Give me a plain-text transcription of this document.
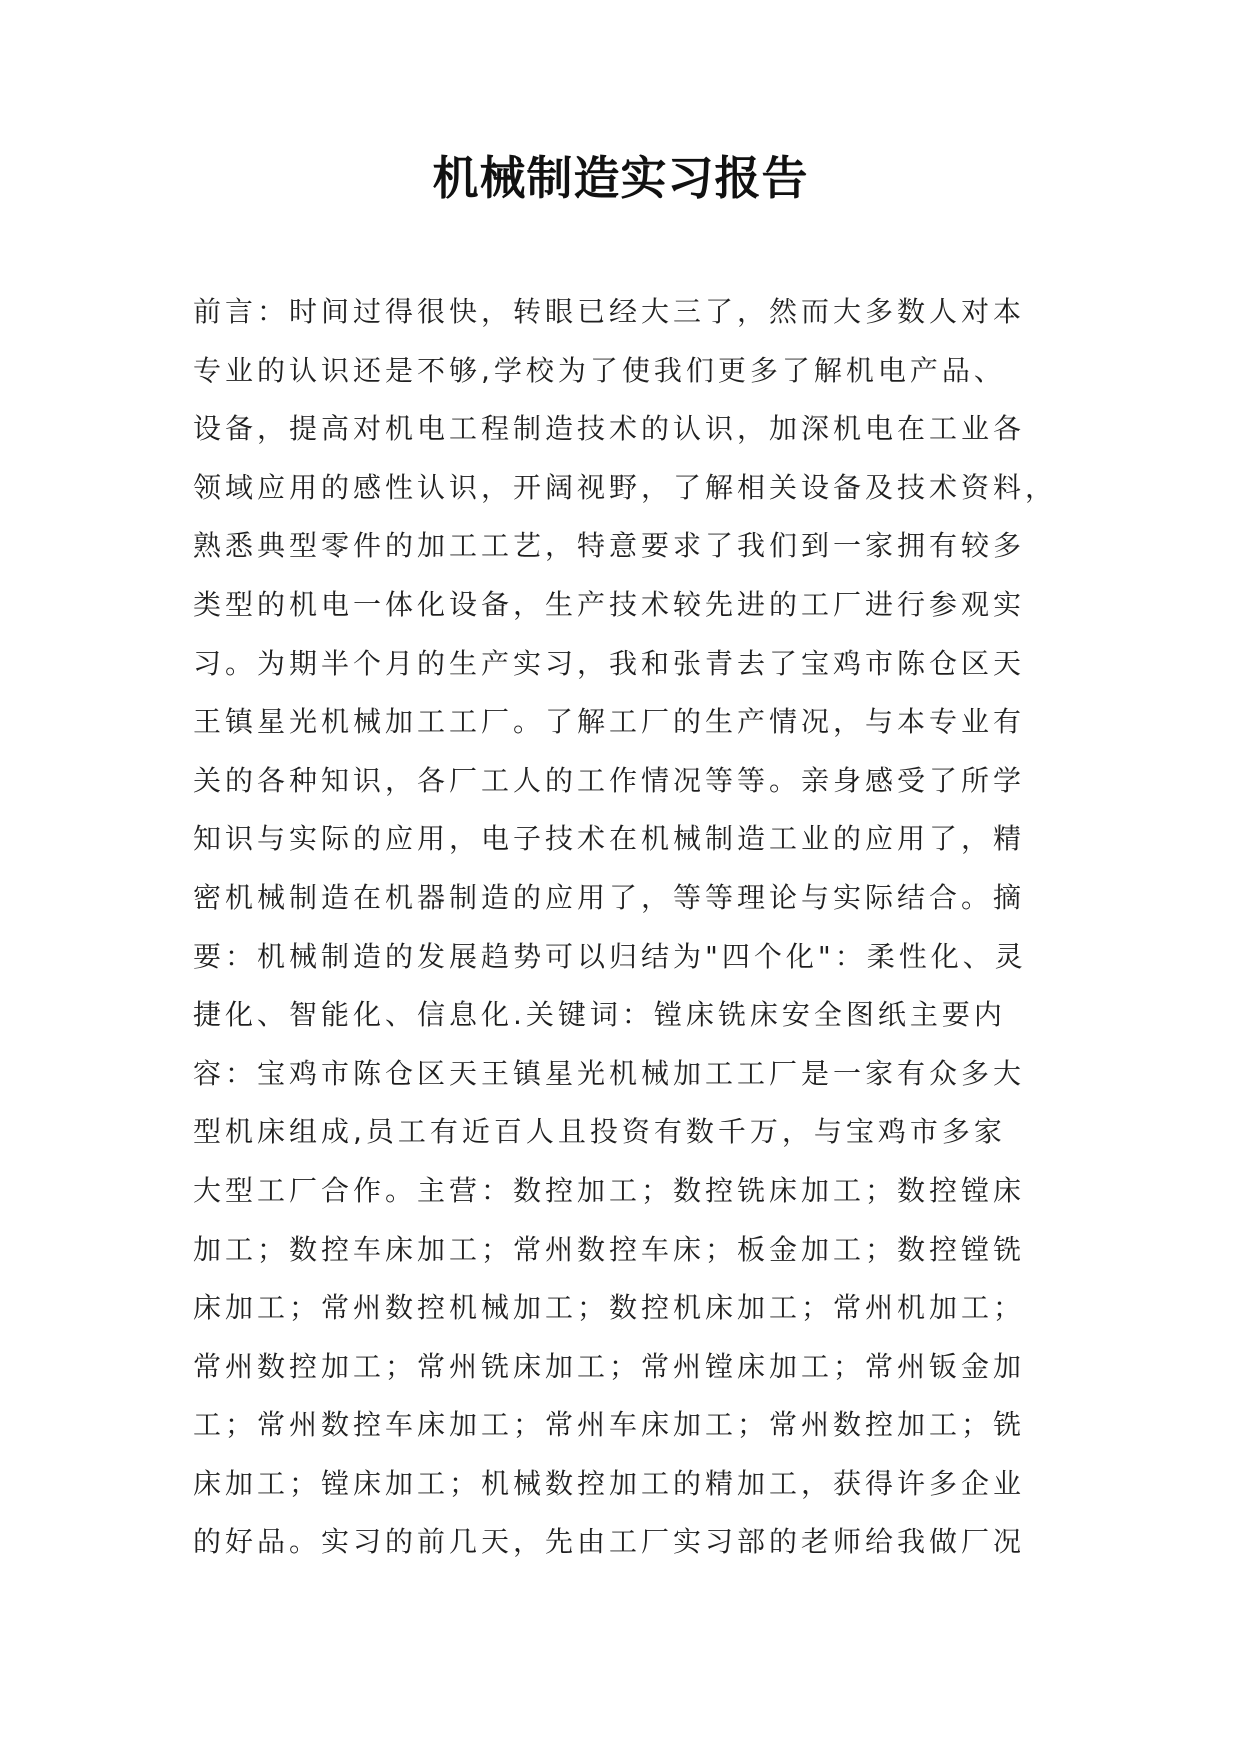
机械制造实习报告
前言：时间过得很快，转眼已经大三了，然而大多数人对本
专业的认识还是不够,学校为了使我们更多了解机电产品、
设备，提高对机电工程制造技术的认识，加深机电在工业各
领域应用的感性认识，开阔视野，了解相关设备及技术资料，
熟悉典型零件的加工工艺，特意要求了我们到一家拥有较多
类型的机电一体化设备，生产技术较先进的工厂进行参观实
习。为期半个月的生产实习，我和张青去了宝鸡市陈仓区天
王镇星光机械加工工厂。了解工厂的生产情况，与本专业有
关的各种知识，各厂工人的工作情况等等。亲身感受了所学
知识与实际的应用，电子技术在机械制造工业的应用了，精
密机械制造在机器制造的应用了，等等理论与实际结合。摘
要：机械制造的发展趋势可以归结为"四个化"：柔性化、灵
捷化、智能化、信息化.关键词：镗床铣床安全图纸主要内
容：宝鸡市陈仓区天王镇星光机械加工工厂是一家有众多大
型机床组成,员工有近百人且投资有数千万，与宝鸡市多家
大型工厂合作。主营：数控加工；数控铣床加工；数控镗床
加工；数控车床加工；常州数控车床；板金加工；数控镗铣
床加工；常州数控机械加工；数控机床加工；常州机加工；
常州数控加工；常州铣床加工；常州镗床加工；常州钣金加
工；常州数控车床加工；常州车床加工；常州数控加工；铣
床加工；镗床加工；机械数控加工的精加工，获得许多企业
的好品。实习的前几天，先由工厂实习部的老师给我做厂况
